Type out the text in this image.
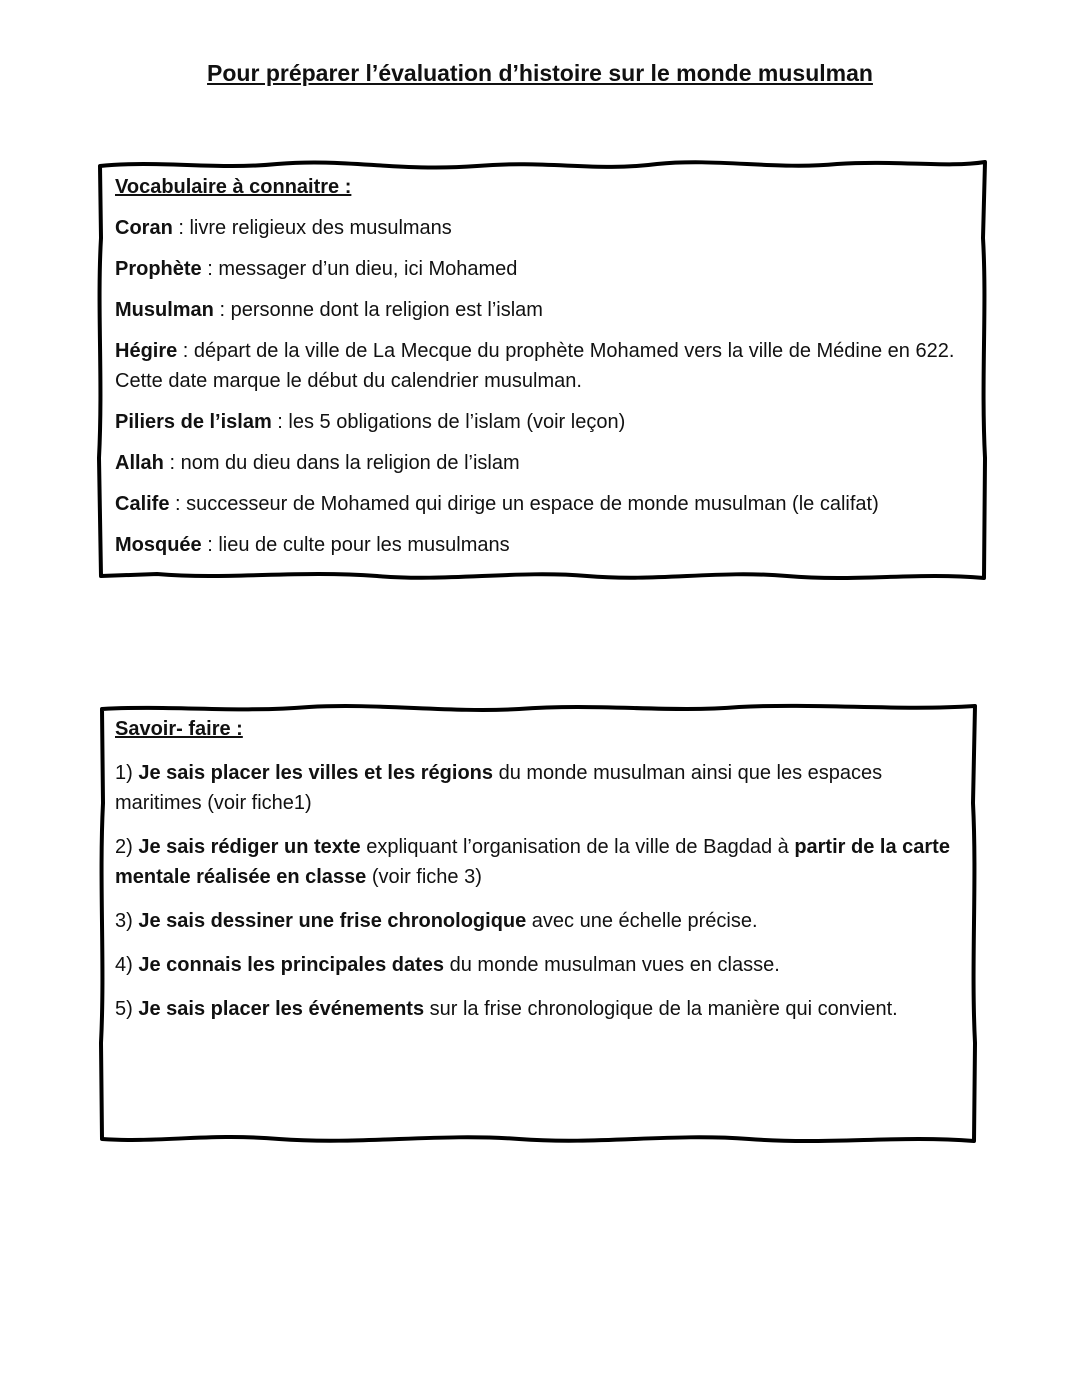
Pour préparer l’évaluation d’histoire sur le monde musulman
Vocabulaire à connaitre :
Coran : livre religieux des musulmans
Prophète : messager d’un dieu, ici Mohamed
Musulman : personne dont la religion est l’islam
Hégire : départ de la ville de La Mecque du prophète Mohamed vers la ville de Médine en 622. Cette date marque le début du calendrier musulman.
Piliers de l’islam : les 5 obligations de l’islam (voir leçon)
Allah : nom du dieu dans la religion de l’islam
Calife : successeur de Mohamed qui dirige un espace de monde musulman (le califat)
Mosquée : lieu de culte pour les musulmans
Savoir- faire :
1) Je sais placer les villes et les régions du monde musulman ainsi que les espaces maritimes (voir fiche1)
2) Je sais rédiger un texte expliquant l’organisation de la ville de Bagdad à partir de la carte mentale réalisée en classe (voir fiche 3)
3) Je sais dessiner une frise chronologique avec une échelle précise.
4) Je connais les principales dates du monde musulman vues en classe.
5) Je sais placer les événements sur la frise chronologique de la manière qui convient.
